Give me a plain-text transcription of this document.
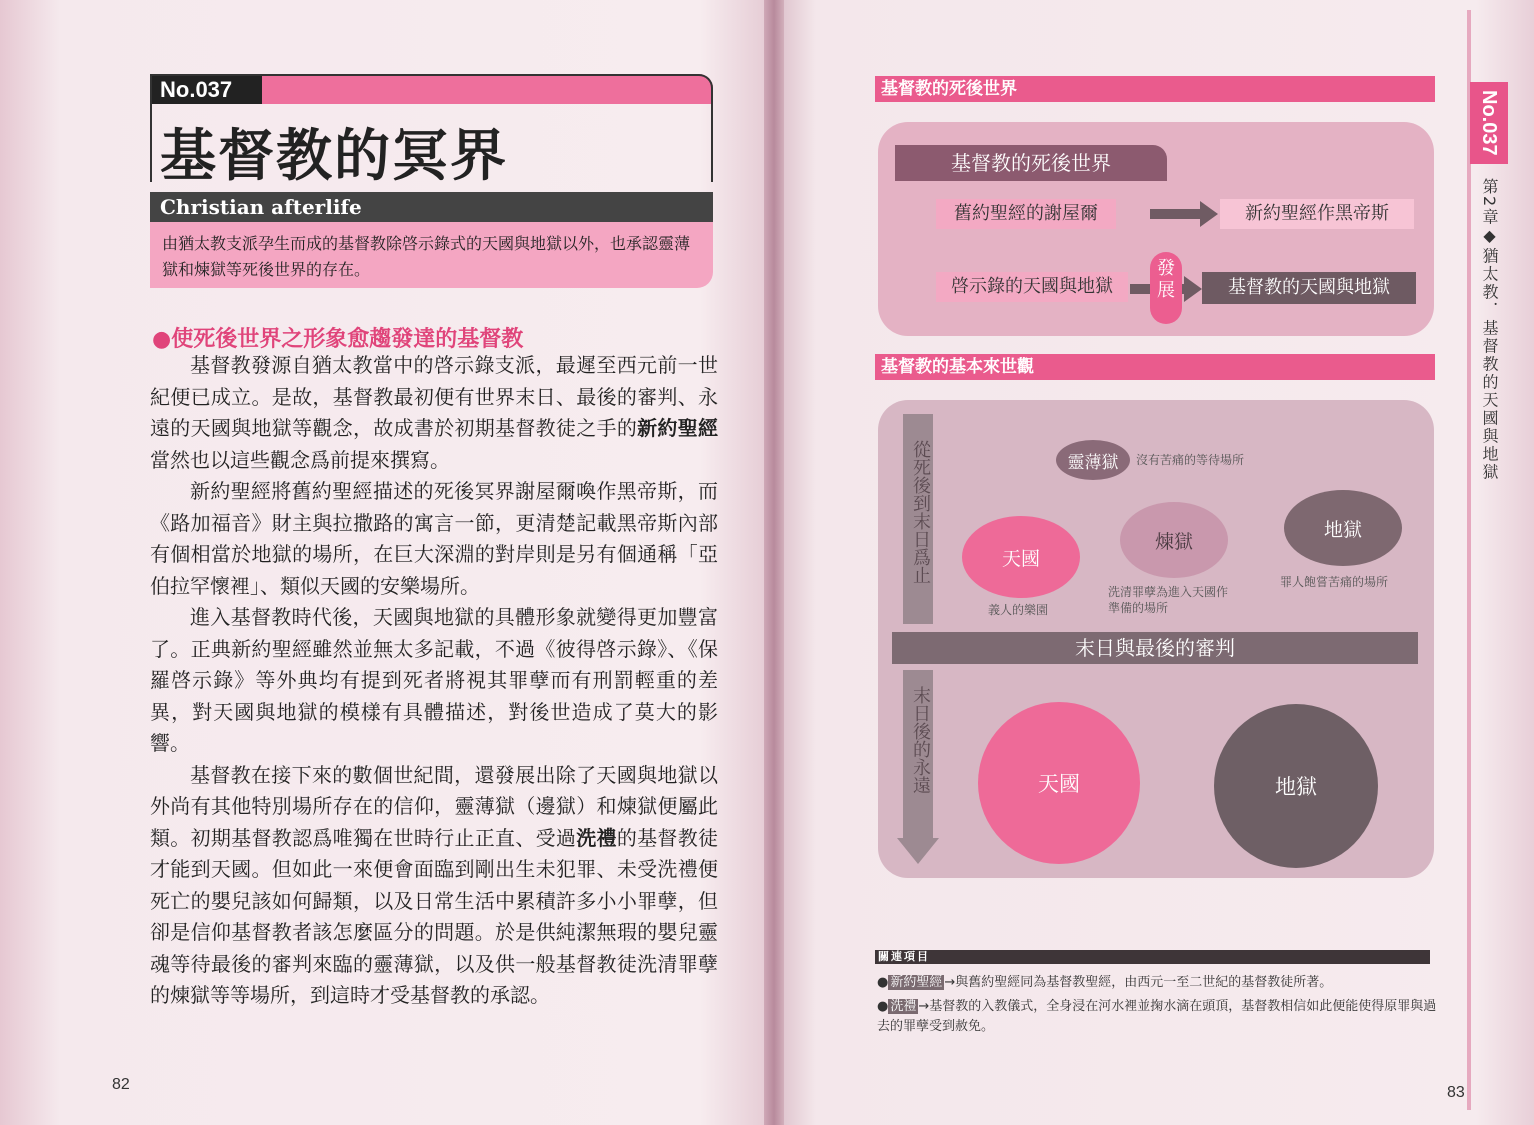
No.037
基督教的冥界
Christian afterlife
由猶太教支派孕生而成的基督教除啓示錄式的天國與地獄以外，也承認靈薄獄和煉獄等死後世界的存在。
●使死後世界之形象愈趨發達的基督教

基督教發源自猶太教當中的啓示錄支派，最遲至西元前一世紀便已成立。是故，基督教最初便有世界末日、最後的審判、永遠的天國與地獄等觀念，故成書於初期基督教徒之手的新約聖經當然也以這些觀念爲前提來撰寫。

新約聖經將舊約聖經描述的死後冥界謝屋爾喚作黑帝斯，而《路加福音》財主與拉撒路的寓言一節，更清楚記載黑帝斯內部有個相當於地獄的場所，在巨大深淵的對岸則是另有個通稱「亞伯拉罕懷裡」、類似天國的安樂場所。

進入基督教時代後，天國與地獄的具體形象就變得更加豐富了。正典新約聖經雖然並無太多記載，不過《彼得啓示錄》、《保羅啓示錄》等外典均有提到死者將視其罪孽而有刑罰輕重的差異，對天國與地獄的模樣有具體描述，對後世造成了莫大的影響。

基督教在接下來的數個世紀間，還發展出除了天國與地獄以外尚有其他特別場所存在的信仰，靈薄獄（邊獄）和煉獄便屬此類。初期基督教認爲唯獨在世時行止正直、受過洗禮的基督教徒才能到天國。但如此一來便會面臨到剛出生未犯罪、未受洗禮便死亡的嬰兒該如何歸類，以及日常生活中累積許多小小罪孽，但卻是信仰基督教者該怎麼區分的問題。於是供純潔無瑕的嬰兒靈魂等待最後的審判來臨的靈薄獄，以及供一般基督教徒洗清罪孽的煉獄等等場所，到這時才受基督教的承認。

82
基督教的死後世界
基督教的死後世界
舊約聖經的謝屋爾	新約聖經作黑帝斯
啓示錄的天國與地獄
發展	基督教的天國與地獄
基督教的基本來世觀
從死後到末日爲止
末日後的永遠
靈薄獄	沒有苦痛的等待場所
天國
義人的樂園
煉獄
洗清罪孽為進入天國作準備的場所
地獄
罪人飽嘗苦痛的場所
末日與最後的審判
天國	地獄
關連項目
● 新約聖經 →與舊約聖經同為基督教聖經，由西元一至二世紀的基督教徒所著。
● 洗禮 →基督教的入教儀式，全身浸在河水裡並掬水滴在頭頂，基督教相信如此便能使得原罪與過去的罪孽受到赦免。
No.037
第2章◆猶太教．基督教的天國與地獄
83
